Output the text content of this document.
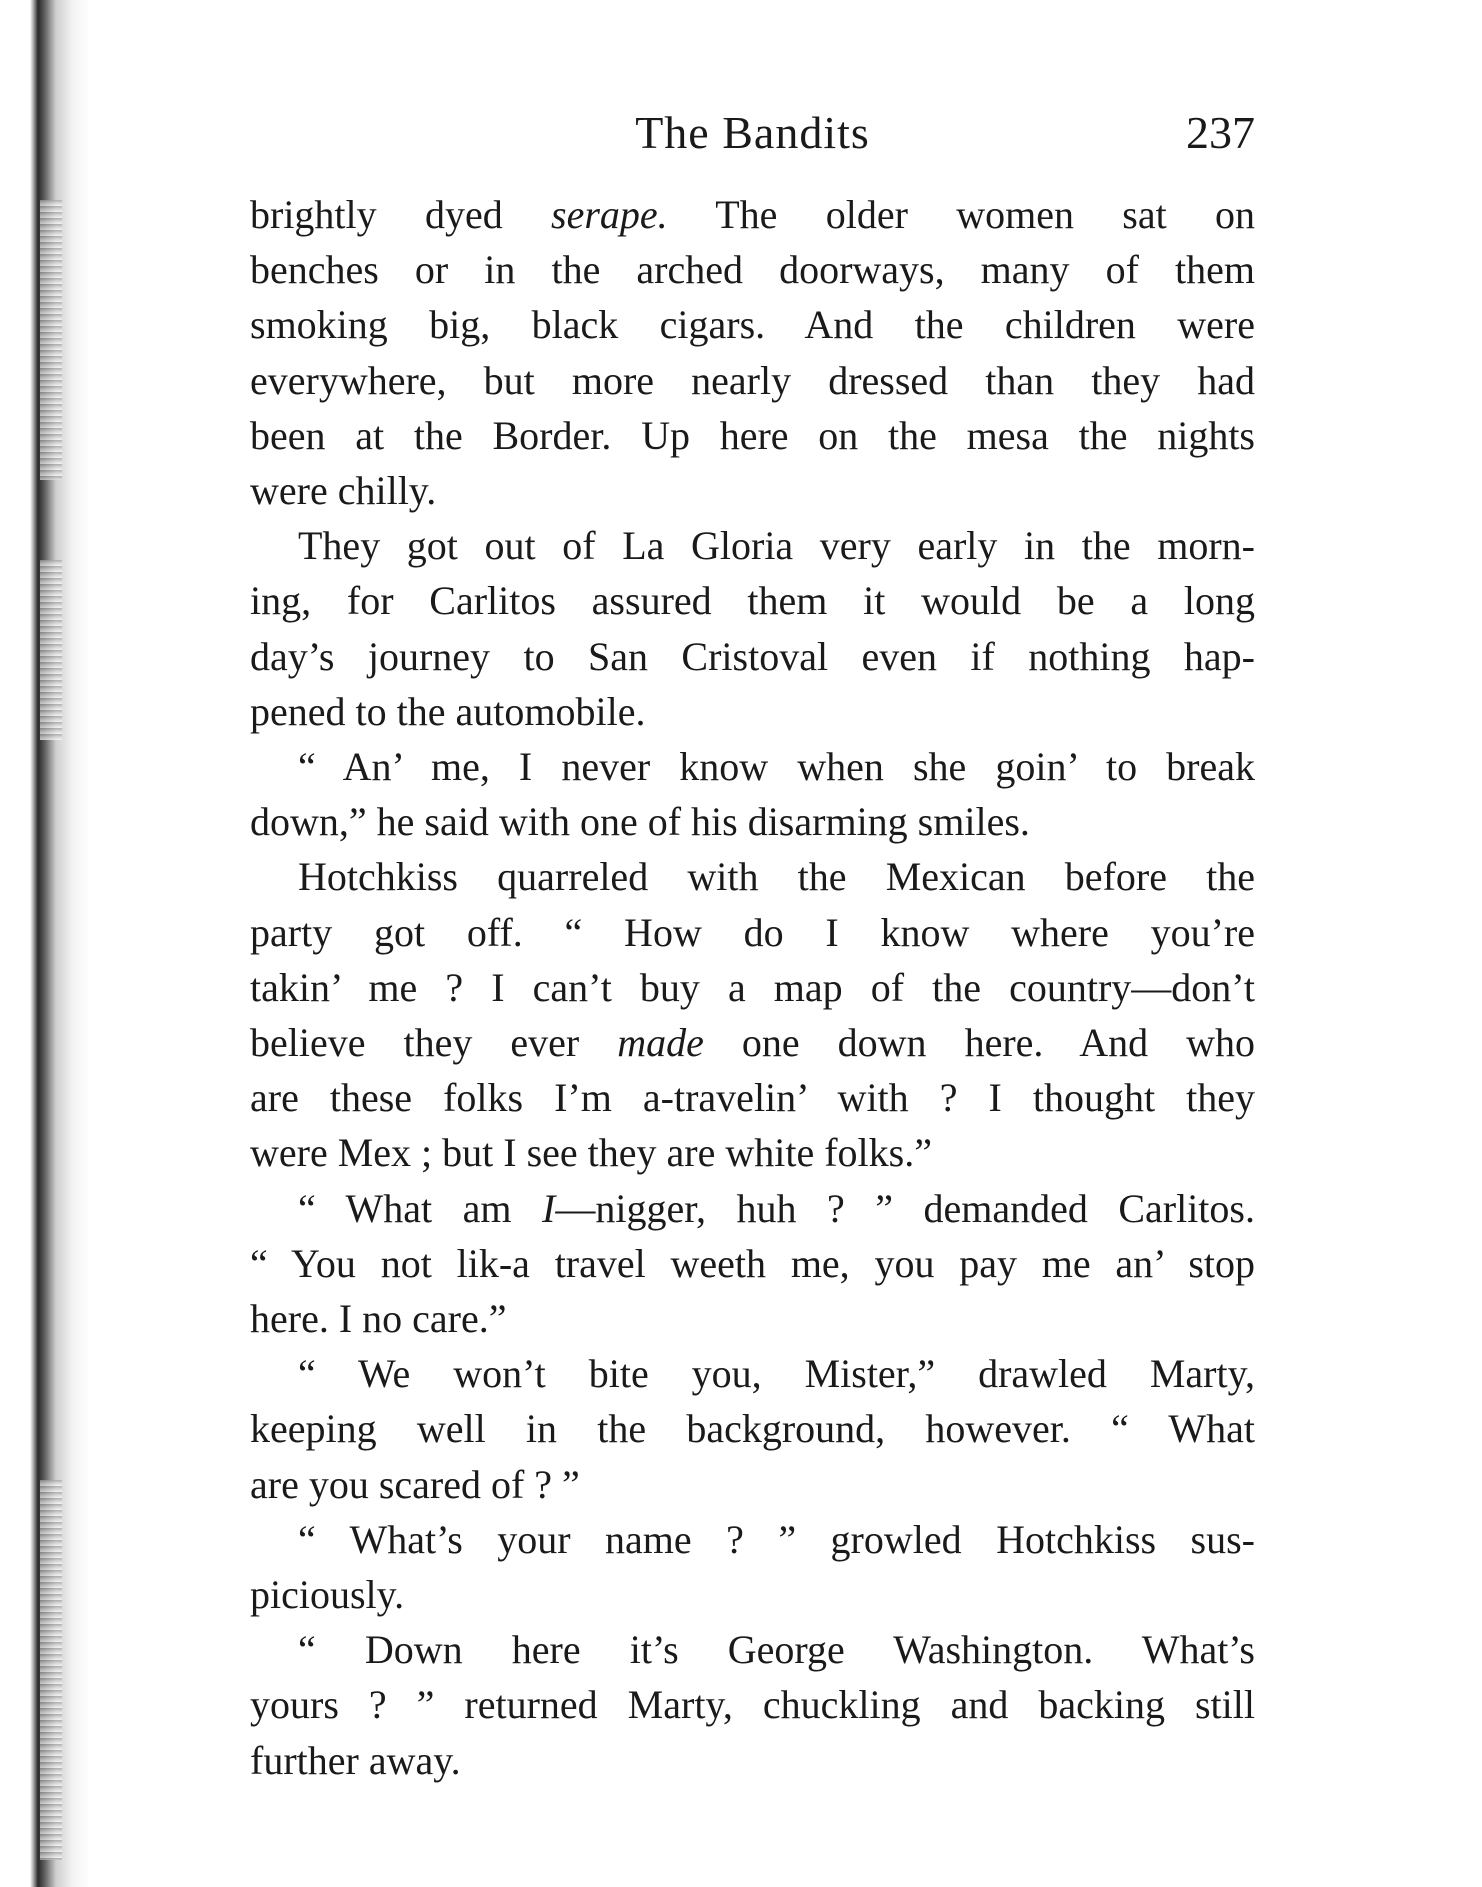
The Bandits	237

brightly dyed serape. The older women sat on
benches or in the arched doorways, many of them
smoking big, black cigars. And the children were
everywhere, but more nearly dressed than they had
been at the Border. Up here on the mesa the nights
were chilly.

They got out of La Gloria very early in the morn-
ing, for Carlitos assured them it would be a long
day’s journey to San Cristoval even if nothing hap-
pened to the automobile.

“ An’ me, I never know when she goin’ to break
down,” he said with one of his disarming smiles.

Hotchkiss quarreled with the Mexican before the
party got off. “ How do I know where you’re
takin’ me ? I can’t buy a map of the country—don’t
believe they ever made one down here. And who
are these folks I’m a-travelin’ with ? I thought they
were Mex ; but I see they are white folks.”

“ What am I—nigger, huh ? ” demanded Carlitos.
“ You not lik-a travel weeth me, you pay me an’ stop
here. I no care.”

“ We won’t bite you, Mister,” drawled Marty,
keeping well in the background, however. “ What
are you scared of ? ”

“ What’s your name ? ” growled Hotchkiss sus-
piciously.

“ Down here it’s George Washington. What’s
yours ? ” returned Marty, chuckling and backing still
further away.
